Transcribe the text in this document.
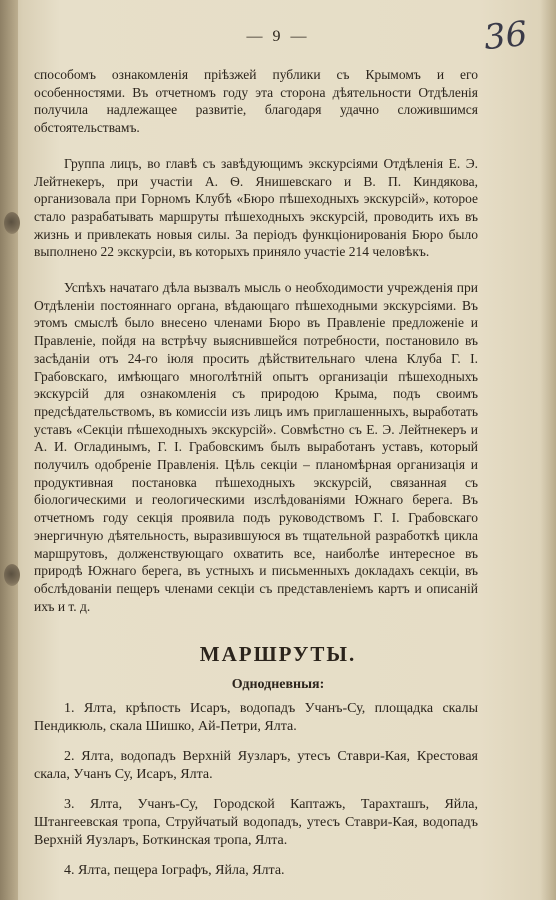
— 9 —	36

способомъ ознакомленія пріѣзжей публики съ Крымомъ и его особенностями. Въ отчетномъ году эта сторона дѣятельности Отдѣленія получила надлежащее развитіе, благодаря удачно сложившимся обстоятельствамъ.

Группа лицъ, во главѣ съ завѣдующимъ экскурсіями Отдѣленія Е. Э. Лейтнекеръ, при участіи А. Ѳ. Янишевскаго и В. П. Киндякова, организовала при Горномъ Клубѣ «Бюро пѣшеходныхъ экскурсій», которое стало разрабатывать маршруты пѣшеходныхъ экскурсій, проводить ихъ въ жизнь и привлекать новыя силы. За періодъ функціонированія Бюро было выполнено 22 экскурсіи, въ которыхъ приняло участіе 214 человѣкъ.

Успѣхъ начатаго дѣла вызвалъ мысль о необходимости учрежденія при Отдѣленіи постояннаго органа, вѣдающаго пѣшеходными экскурсіями. Въ этомъ смыслѣ было внесено членами Бюро въ Правленіе предложеніе и Правленіе, пойдя на встрѣчу выяснившейся потребности, постановило въ засѣданіи отъ 24-го іюля просить дѣйствительнаго члена Клуба Г. І. Грабовскаго, имѣющаго многолѣтній опытъ организаціи пѣшеходныхъ экскурсій для ознакомленія съ природою Крыма, подъ своимъ предсѣдательствомъ, въ комиссіи изъ лицъ имъ приглашенныхъ, выработать уставъ «Секціи пѣшеходныхъ экскурсій». Совмѣстно съ Е. Э. Лейтнекеръ и А. И. Огладинымъ, Г. І. Грабовскимъ былъ выработанъ уставъ, который получилъ одобреніе Правленія. Цѣль секціи – планомѣрная организація и продуктивная постановка пѣшеходныхъ экскурсій, связанная съ біологическими и геологическими изслѣдованіями Южнаго берега. Въ отчетномъ году секція проявила подъ руководствомъ Г. І. Грабовскаго энергичную дѣятельность, выразившуюся въ тщательной разработкѣ цикла маршрутовъ, долженствующаго охватить все, наиболѣе интересное въ природѣ Южнаго берега, въ устныхъ и письменныхъ докладахъ секціи, въ обслѣдованіи пещеръ членами секціи съ представленіемъ картъ и описаній ихъ и т. д.

МАРШРУТЫ.
Однодневныя:

1. Ялта, крѣпость Исаръ, водопадъ Учанъ-Су, площадка скалы Пендикюль, скала Шишко, Ай-Петри, Ялта.

2. Ялта, водопадъ Верхній Яузларъ, утесъ Ставри-Кая, Крестовая скала, Учанъ Су, Исаръ, Ялта.

3. Ялта, Учанъ-Су, Городской Каптажъ, Тарахташъ, Яйла, Штангеевская тропа, Струйчатый водопадъ, утесъ Ставри-Кая, водопадъ Верхній Яузларъ, Боткинская тропа, Ялта.

4. Ялта, пещера Іографъ, Яйла, Ялта.
